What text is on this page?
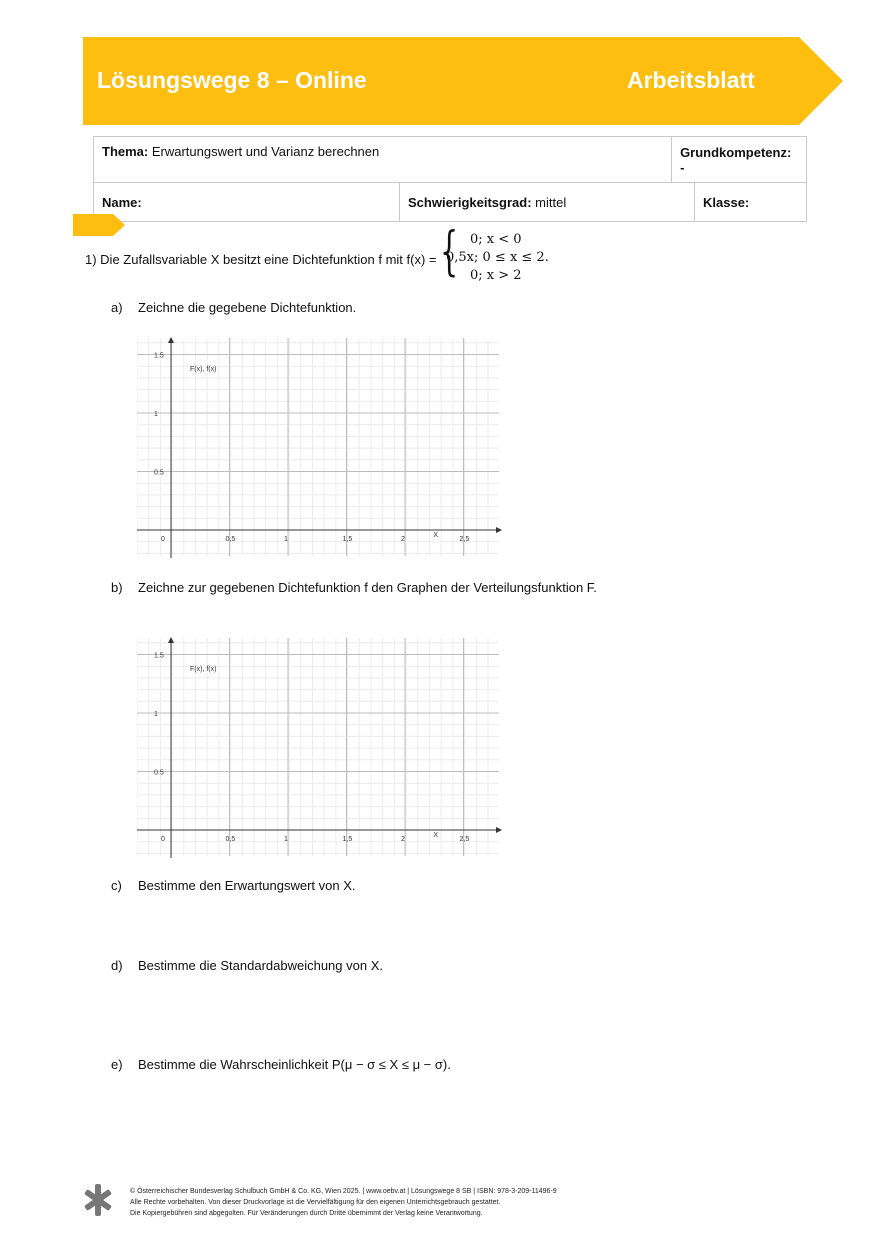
Lösungswege 8 – Online	Arbeitsblatt
Thema: Erwartungswert und Varianz berechnen		Grundkompetenz: -	
Name:	Schwierigkeitsgrad: mittel		Klasse:
1) Die Zufallsvariable X besitzt eine Dichtefunktion f mit f(x) = { 0; x < 0
0,5x; 0 ≤ x ≤ 2.
0; x > 2
a) Zeichne die gegebene Dichtefunktion.
0,5	1	1,5	2	2,5
0.5
1
1.5
0
X
F(x), f(x)
b) Zeichne zur gegebenen Dichtefunktion f den Graphen der Verteilungsfunktion F.
0,5	1	1,5	2	2,5
0.5
1
1.5
0
X
F(x), f(x)
c) Bestimme den Erwartungswert von X.
d) Bestimme die Standardabweichung von X.
e) Bestimme die Wahrscheinlichkeit P(μ − σ ≤ X ≤ μ − σ).
© Österreichischer Bundesverlag Schulbuch GmbH & Co. KG, Wien 2025. | www.oebv.at | Lösungswege 8 SB | ISBN: 978-3-209-11496-9
Alle Rechte vorbehalten. Von dieser Druckvorlage ist die Vervielfältigung für den eigenen Unterrichtsgebrauch gestattet.
Die Kopiergebühren sind abgegolten. Für Veränderungen durch Dritte übernimmt der Verlag keine Verantwortung.
